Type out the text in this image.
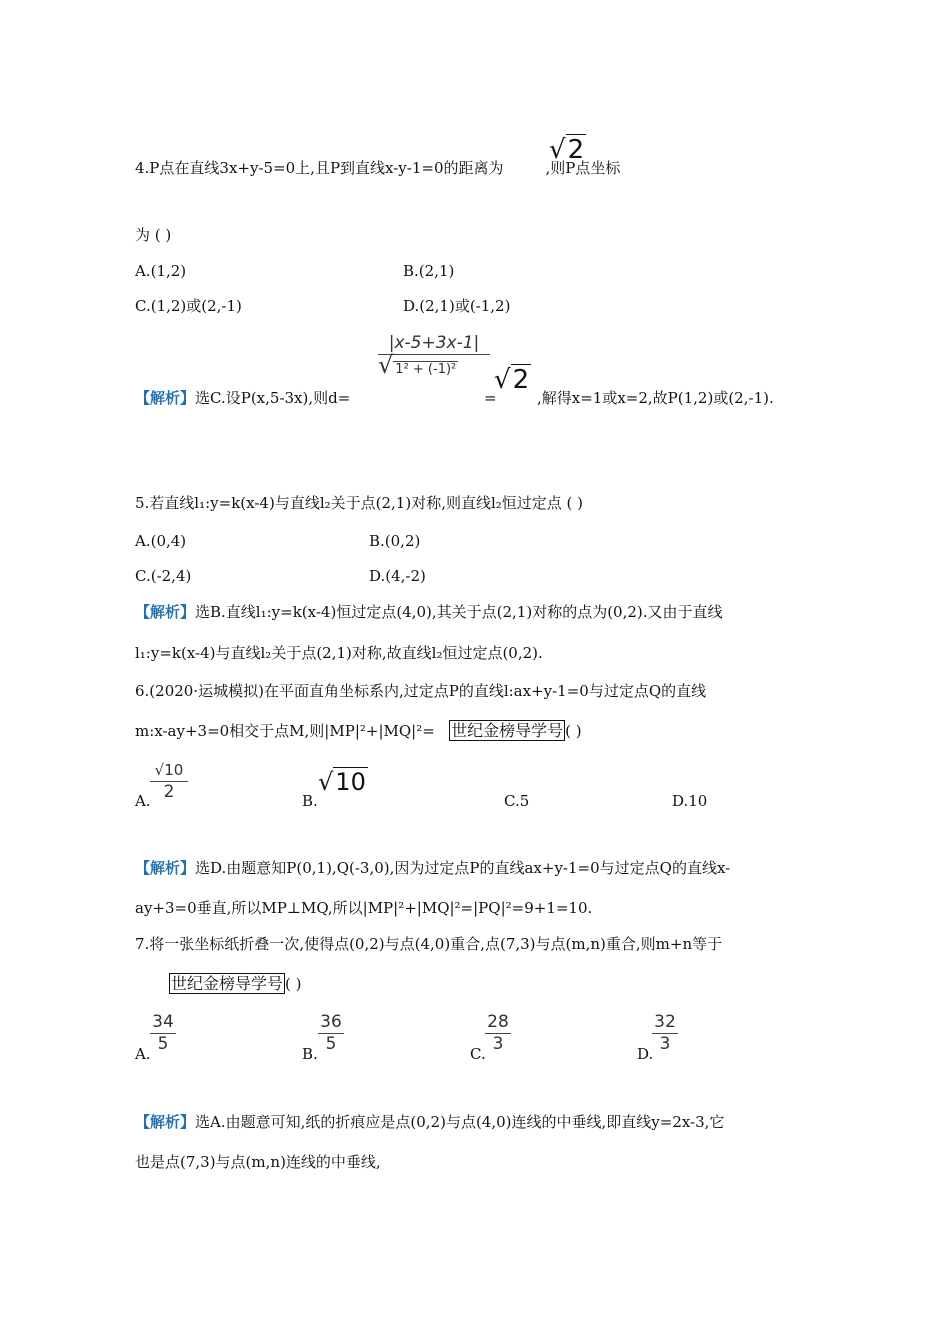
4.P点在直线3x+y-5=0上,且P到直线x-y-1=0的距离为	,则P点坐标
√2
为 ( )
A.(1,2)	B.(2,1)
C.(1,2)或(2,-1)	D.(2,1)或(-1,2)
【解析】选C.设P(x,5-3x),则d=
|x-5+3x-1|
√ 1² + (-1)²
=
√2
,解得x=1或x=2,故P(1,2)或(2,-1).
5.若直线l₁:y=k(x-4)与直线l₂关于点(2,1)对称,则直线l₂恒过定点 ( )
A.(0,4)	B.(0,2)
C.(-2,4)	D.(4,-2)
【解析】选B.直线l₁:y=k(x-4)恒过定点(4,0),其关于点(2,1)对称的点为(0,2).又由于直线
l₁:y=k(x-4)与直线l₂关于点(2,1)对称,故直线l₂恒过定点(0,2).
6.(2020·运城模拟)在平面直角坐标系内,过定点P的直线l:ax+y-1=0与过定点Q的直线
m:x-ay+3=0相交于点M,则|MP|²+|MQ|²= 世纪金榜导学号 ( )
A. $\frac{√10}{2}$	B.
√10
C.5	D.10
【解析】选D.由题意知P(0,1),Q(-3,0),因为过定点P的直线ax+y-1=0与过定点Q的直线x-
ay+3=0垂直,所以MP⊥MQ,所以|MP|²+|MQ|²=|PQ|²=9+1=10.
7.将一张坐标纸折叠一次,使得点(0,2)与点(4,0)重合,点(7,3)与点(m,n)重合,则m+n等于
世纪金榜导学号 ( )
A. $\frac{34}{5}$	B. $\frac{36}{5}$	C. $\frac{28}{3}$	D.
$\frac{32}{3}$
【解析】选A.由题意可知,纸的折痕应是点(0,2)与点(4,0)连线的中垂线,即直线y=2x-3,它
也是点(7,3)与点(m,n)连线的中垂线,
